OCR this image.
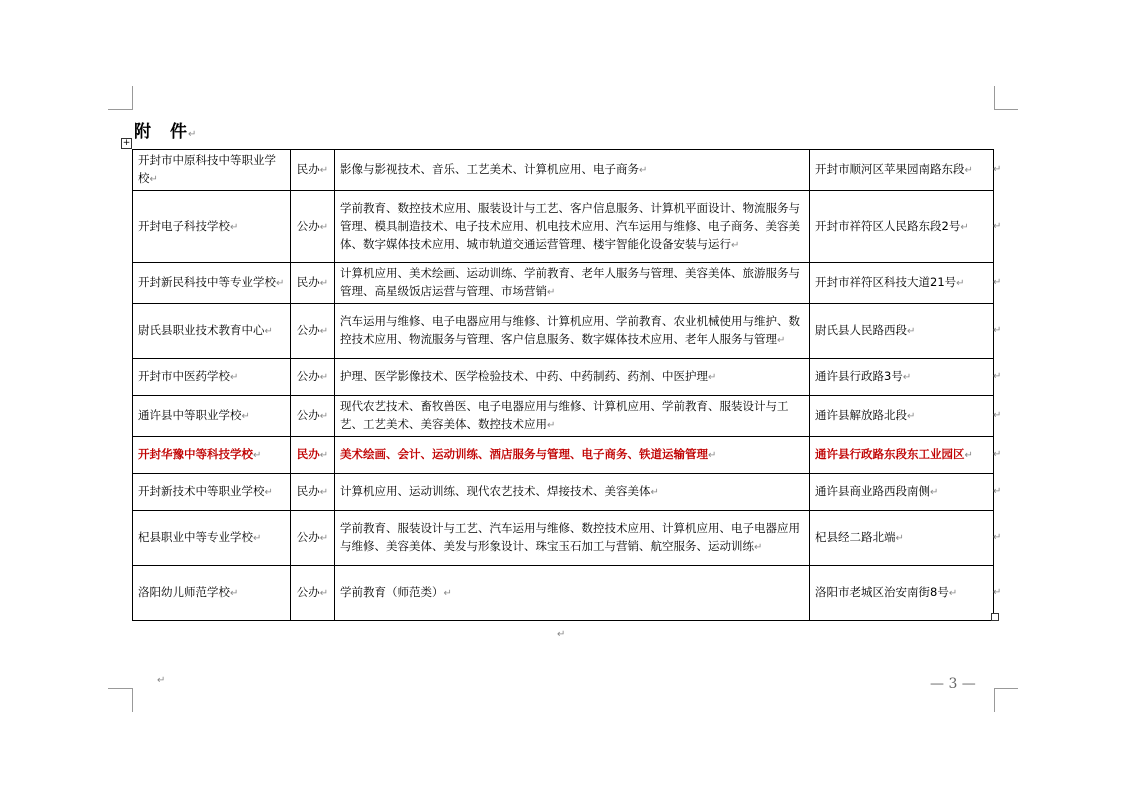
附　件↵
+
开封市中原科技中等职业学校↵	民办↵	影像与影视技术、音乐、工艺美术、计算机应用、电子商务↵	开封市顺河区苹果园南路东段↵
开封电子科技学校↵	公办↵	学前教育、数控技术应用、服装设计与工艺、客户信息服务、计算机平面设计、物流服务与管理、模具制造技术、电子技术应用、机电技术应用、汽车运用与维修、电子商务、美容美体、数字媒体技术应用、城市轨道交通运营管理、楼宇智能化设备安装与运行↵	开封市祥符区人民路东段2号↵
开封新民科技中等专业学校↵	民办↵	计算机应用、美术绘画、运动训练、学前教育、老年人服务与管理、美容美体、旅游服务与管理、高星级饭店运营与管理、市场营销↵	开封市祥符区科技大道21号↵
尉氏县职业技术教育中心↵	公办↵	汽车运用与维修、电子电器应用与维修、计算机应用、学前教育、农业机械使用与维护、数控技术应用、物流服务与管理、客户信息服务、数字媒体技术应用、老年人服务与管理↵	尉氏县人民路西段↵
开封市中医药学校↵	公办↵	护理、医学影像技术、医学检验技术、中药、中药制药、药剂、中医护理↵	通许县行政路3号↵
通许县中等职业学校↵	公办↵	现代农艺技术、畜牧兽医、电子电器应用与维修、计算机应用、学前教育、服装设计与工艺、工艺美术、美容美体、数控技术应用↵	通许县解放路北段↵
开封华豫中等科技学校↵	民办↵	美术绘画、会计、运动训练、酒店服务与管理、电子商务、铁道运输管理↵	通许县行政路东段东工业园区↵
开封新技术中等职业学校↵	民办↵	计算机应用、运动训练、现代农艺技术、焊接技术、美容美体↵	通许县商业路西段南侧↵
杞县职业中等专业学校↵	公办↵	学前教育、服装设计与工艺、汽车运用与维修、数控技术应用、计算机应用、电子电器应用与维修、美容美体、美发与形象设计、珠宝玉石加工与营销、航空服务、运动训练↵	杞县经二路北端↵
洛阳幼儿师范学校↵	公办↵	学前教育（师范类）↵	洛阳市老城区治安南街8号↵
↵
↵
↵
↵
↵
↵
↵
↵
↵
↵
↵
↵	— 3 —
